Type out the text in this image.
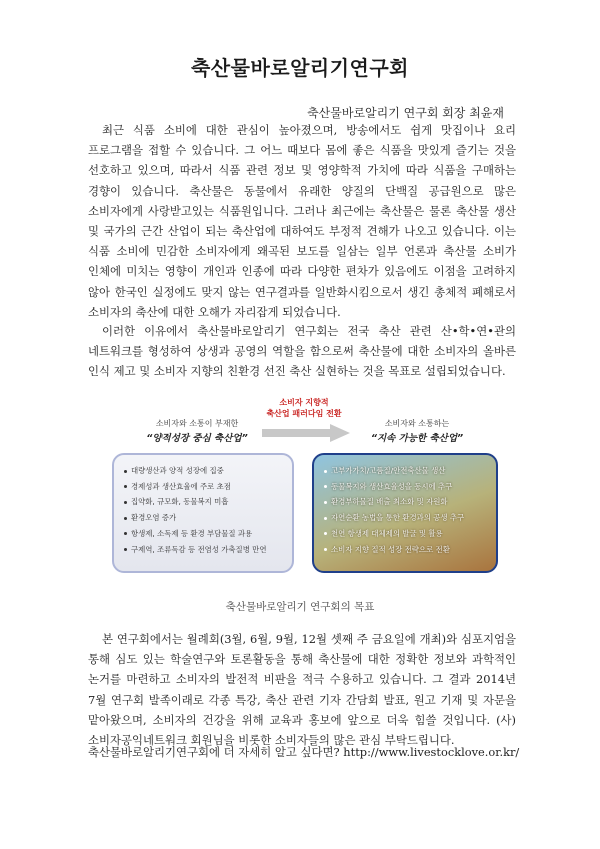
축산물바로알리기연구회
축산물바로알리기 연구회 회장 최윤재

최근 식품 소비에 대한 관심이 높아졌으며, 방송에서도 쉽게 맛집이나 요리 프로그램을 접할 수 있습니다. 그 어느 때보다 몸에 좋은 식품을 맛있게 즐기는 것을 선호하고 있으며, 따라서 식품 관련 정보 및 영양학적 가치에 따라 식품을 구매하는 경향이 있습니다. 축산물은 동물에서 유래한 양질의 단백질 공급원으로 많은 소비자에게 사랑받고있는 식품원입니다. 그러나 최근에는 축산물은 물론 축산물 생산 및 국가의 근간 산업이 되는 축산업에 대하여도 부정적 견해가 나오고 있습니다. 이는 식품 소비에 민감한 소비자에게 왜곡된 보도를 일삼는 일부 언론과 축산물 소비가 인체에 미치는 영향이 개인과 인종에 따라 다양한 편차가 있음에도 이점을 고려하지 않아 한국인 실정에도 맞지 않는 연구결과를 일반화시킴으로서 생긴 총체적 폐해로서 소비자의 축산에 대한 오해가 자리잡게 되었습니다.

이러한 이유에서 축산물바로알리기 연구회는 전국 축산 관련 산•학•연•관의 네트워크를 형성하여 상생과 공영의 역할을 함으로써 축산물에 대한 소비자의 올바른 인식 제고 및 소비자 지향의 친환경 선진 축산 실현하는 것을 목표로 설립되었습니다.

소비자 지향적
축산업 패러다임 전환
소비자와 소통이 부재한
“양적성장 중심 축산업”
소비자와 소통하는
“지속 가능한 축산업”
대량생산과 양적 성장에 집중
경제성과 생산효율에 주로 초점
집약화, 규모화, 동물복지 미흡
환경오염 증가
항생제, 소독제 등 환경 부담물질 과용
구제역, 조류독감 등 전염성 가축질병 만연
고부가가치/고품질/안전축산물 생산
동물복지와 생산효율성을 동시에 추구
환경부하물질 배출 최소화 및 자원화
자연순환 농법을 통한 환경과의 공생 추구
천연 항생제 대체제의 발굴 및 활용
소비자 지향 질적 성장 전략으로 전환
축산물바로알리기 연구회의 목표

본 연구회에서는 월례회(3월, 6월, 9월, 12월 셋째 주 금요일에 개최)와 심포지엄을 통해 심도 있는 학술연구와 토론활동을 통해 축산물에 대한 정확한 정보와 과학적인 논거를 마련하고 소비자의 발전적 비판을 적극 수용하고 있습니다. 그 결과 2014년 7월 연구회 발족이래로 각종 특강, 축산 관련 기자 간담회 발표, 원고 기재 및 자문을 맡아왔으며, 소비자의 건강을 위해 교육과 홍보에 앞으로 더욱 힘쓸 것입니다. (사)소비자공익네트워크 회원님을 비롯한 소비자들의 많은 관심 부탁드립니다.

축산물바로알리기연구회에 더 자세히 알고 싶다면? http://www.livestocklove.or.kr/
